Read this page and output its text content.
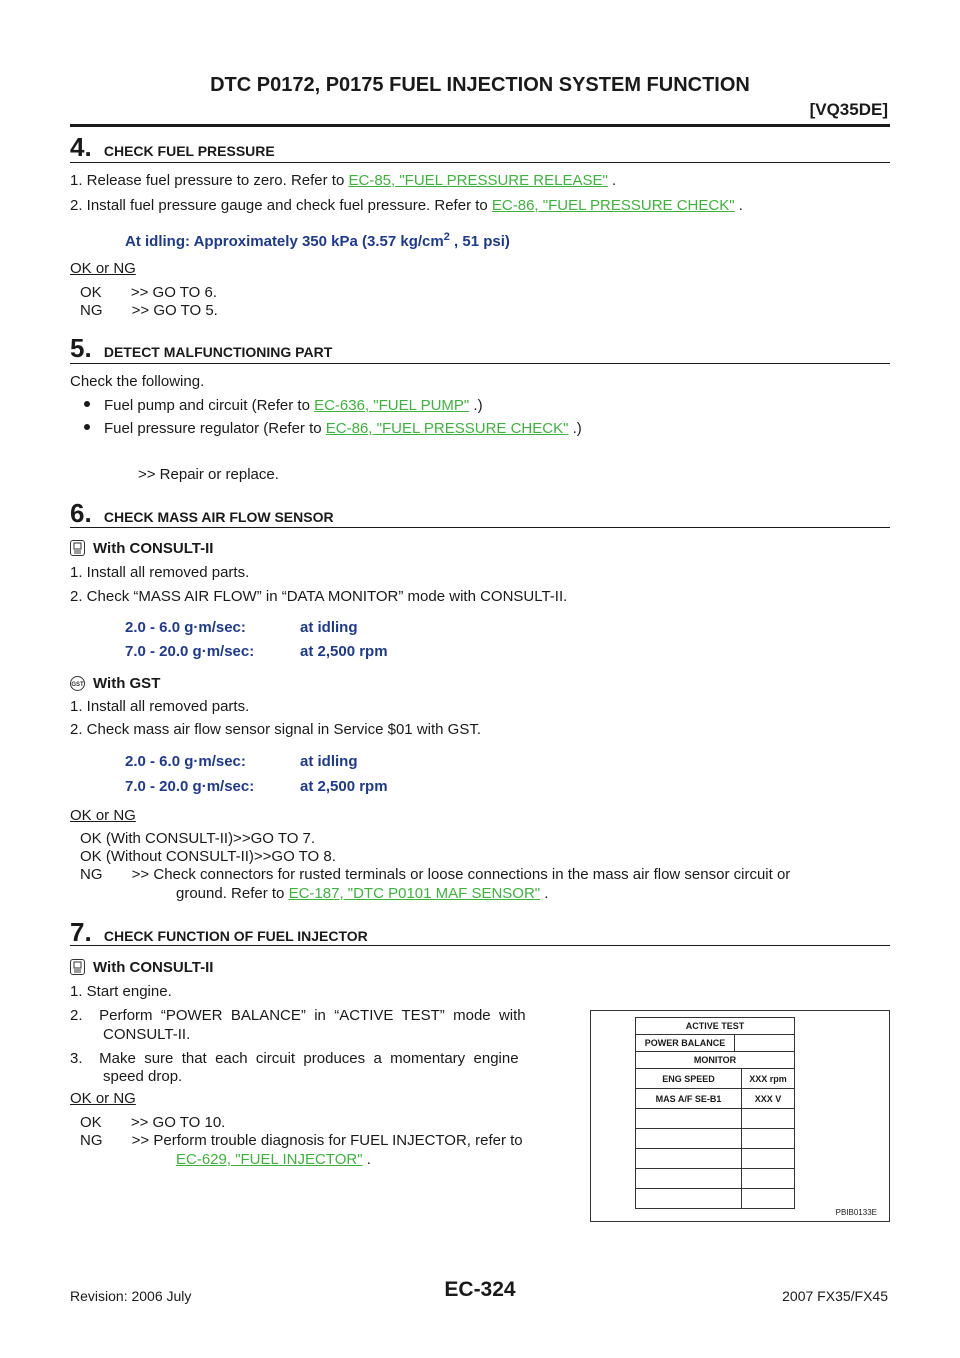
DTC P0172, P0175 FUEL INJECTION SYSTEM FUNCTION
[VQ35DE]
4. CHECK FUEL PRESSURE
1. Release fuel pressure to zero. Refer to EC-85, "FUEL PRESSURE RELEASE" .
2. Install fuel pressure gauge and check fuel pressure. Refer to EC-86, "FUEL PRESSURE CHECK" .
At idling: Approximately 350 kPa (3.57 $kg/cm^2$ , 51 psi)
OK or NG
OK       >> GO TO 6.
NG       >> GO TO 5.
5. DETECT MALFUNCTIONING PART
Check the following.
Fuel pump and circuit (Refer to EC-636, "FUEL PUMP" .)
Fuel pressure regulator (Refer to EC-86, "FUEL PRESSURE CHECK" .)
>> Repair or replace.
6. CHECK MASS AIR FLOW SENSOR
With CONSULT-II
1. Install all removed parts.
2. Check “MASS AIR FLOW” in “DATA MONITOR” mode with CONSULT-II.
2.0 - 6.0 g·m/sec:	at idling
7.0 - 20.0 g·m/sec:	at 2,500 rpm
GST With GST
1. Install all removed parts.
2. Check mass air flow sensor signal in Service $01 with GST.
2.0 - 6.0 g·m/sec:	at idling
7.0 - 20.0 g·m/sec:	at 2,500 rpm
OK or NG
OK (With CONSULT-II)>>GO TO 7.
OK (Without CONSULT-II)>>GO TO 8.
NG       >> Check connectors for rusted terminals or loose connections in the mass air flow sensor circuit or
ground. Refer to EC-187, "DTC P0101 MAF SENSOR" .
7. CHECK FUNCTION OF FUEL INJECTOR
With CONSULT-II
1. Start engine.
2.    Perform  “POWER  BALANCE”  in  “ACTIVE  TEST”  mode  with
CONSULT-II.
3.    Make  sure  that  each  circuit  produces  a  momentary  engine
speed drop.
OK or NG
OK       >> GO TO 10.
NG       >> Perform trouble diagnosis for FUEL INJECTOR, refer to
EC-629, "FUEL INJECTOR" .
ACTIVE TEST
POWER BALANCE
MONITOR
ENG SPEED	XXX rpm
MAS A/F SE-B1	XXX V
PBIB0133E
Revision: 2006 July	EC-324	2007 FX35/FX45
